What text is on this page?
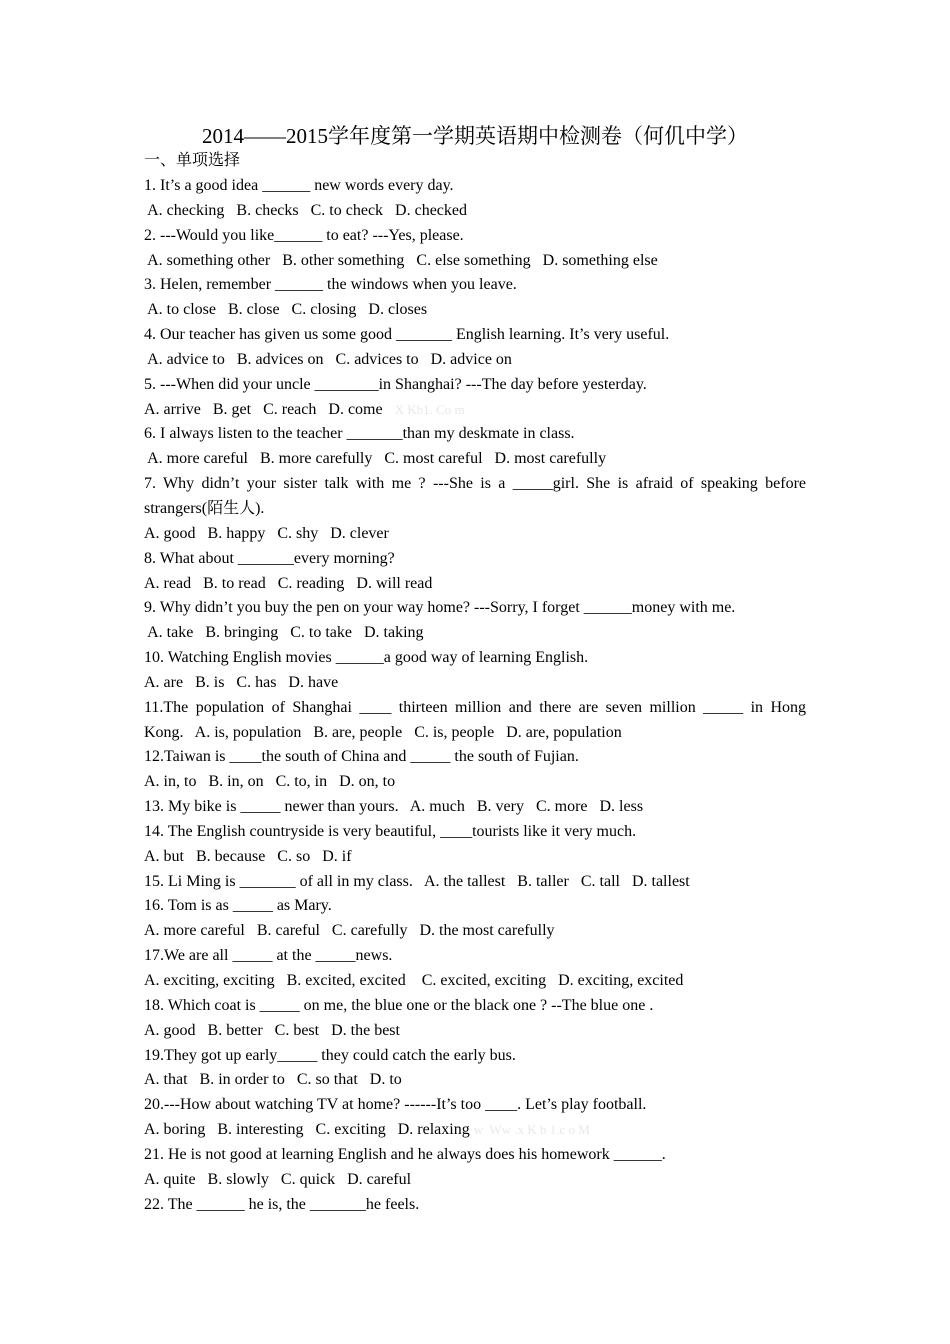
2014——2015学年度第一学期英语期中检测卷（何仉中学）
一、单项选择
1. It’s a good idea ______ new words every day.
A. checking   B. checks   C. to check   D. checked
2. ---Would you like______ to eat? ---Yes, please.
A. something other   B. other something   C. else something   D. something else
3. Helen, remember ______ the windows when you leave.
A. to close   B. close   C. closing   D. closes
4. Our teacher has given us some good _______ English learning. It’s very useful.
A. advice to   B. advices on   C. advices to   D. advice on
5. ---When did your uncle ________in Shanghai? ---The day before yesterday.
A. arrive   B. get   C. reach   D. come X Kb1. Co m
6. I always listen to the teacher _______than my deskmate in class.
A. more careful   B. more carefully   C. most careful   D. most carefully
7. Why didn’t your sister talk with me ? ---She is a _____girl. She is afraid of speaking before
strangers(陌生人).
A. good   B. happy   C. shy   D. clever
8. What about _______every morning?
A. read   B. to read   C. reading   D. will read
9. Why didn’t you buy the pen on your way home? ---Sorry, I forget ______money with me.
A. take   B. bringing   C. to take   D. taking
10. Watching English movies ______a good way of learning English.
A. are   B. is   C. has   D. have
11.The population of Shanghai ____ thirteen million and there are seven million _____ in Hong
Kong.   A. is, population   B. are, people   C. is, people   D. are, population
12.Taiwan is ____the south of China and _____ the south of Fujian.
A. in, to   B. in, on   C. to, in   D. on, to
13. My bike is _____ newer than yours.   A. much   B. very   C. more   D. less
14. The English countryside is very beautiful, ____tourists like it very much.
A. but   B. because   C. so   D. if
15. Li Ming is _______ of all in my class.   A. the tallest   B. taller   C. tall   D. tallest
16. Tom is as _____ as Mary.
A. more careful   B. careful   C. carefully   D. the most carefully
17.We are all _____ at the _____news.
A. exciting, exciting   B. excited, excited    C. excited, exciting   D. exciting, excited
18. Which coat is _____ on me, the blue one or the black one ? --The blue one .
A. good   B. better   C. best   D. the best
19.They got up early_____ they could catch the early bus.
A. that   B. in order to   C. so that   D. to
20.---How about watching TV at home? ------It’s too ____. Let’s play football.
A. boring   B. interesting   C. exciting   D. relaxing w  Ww .x K b 1.c o M
21. He is not good at learning English and he always does his homework ______.
A. quite   B. slowly   C. quick   D. careful
22. The ______ he is, the _______he feels.
